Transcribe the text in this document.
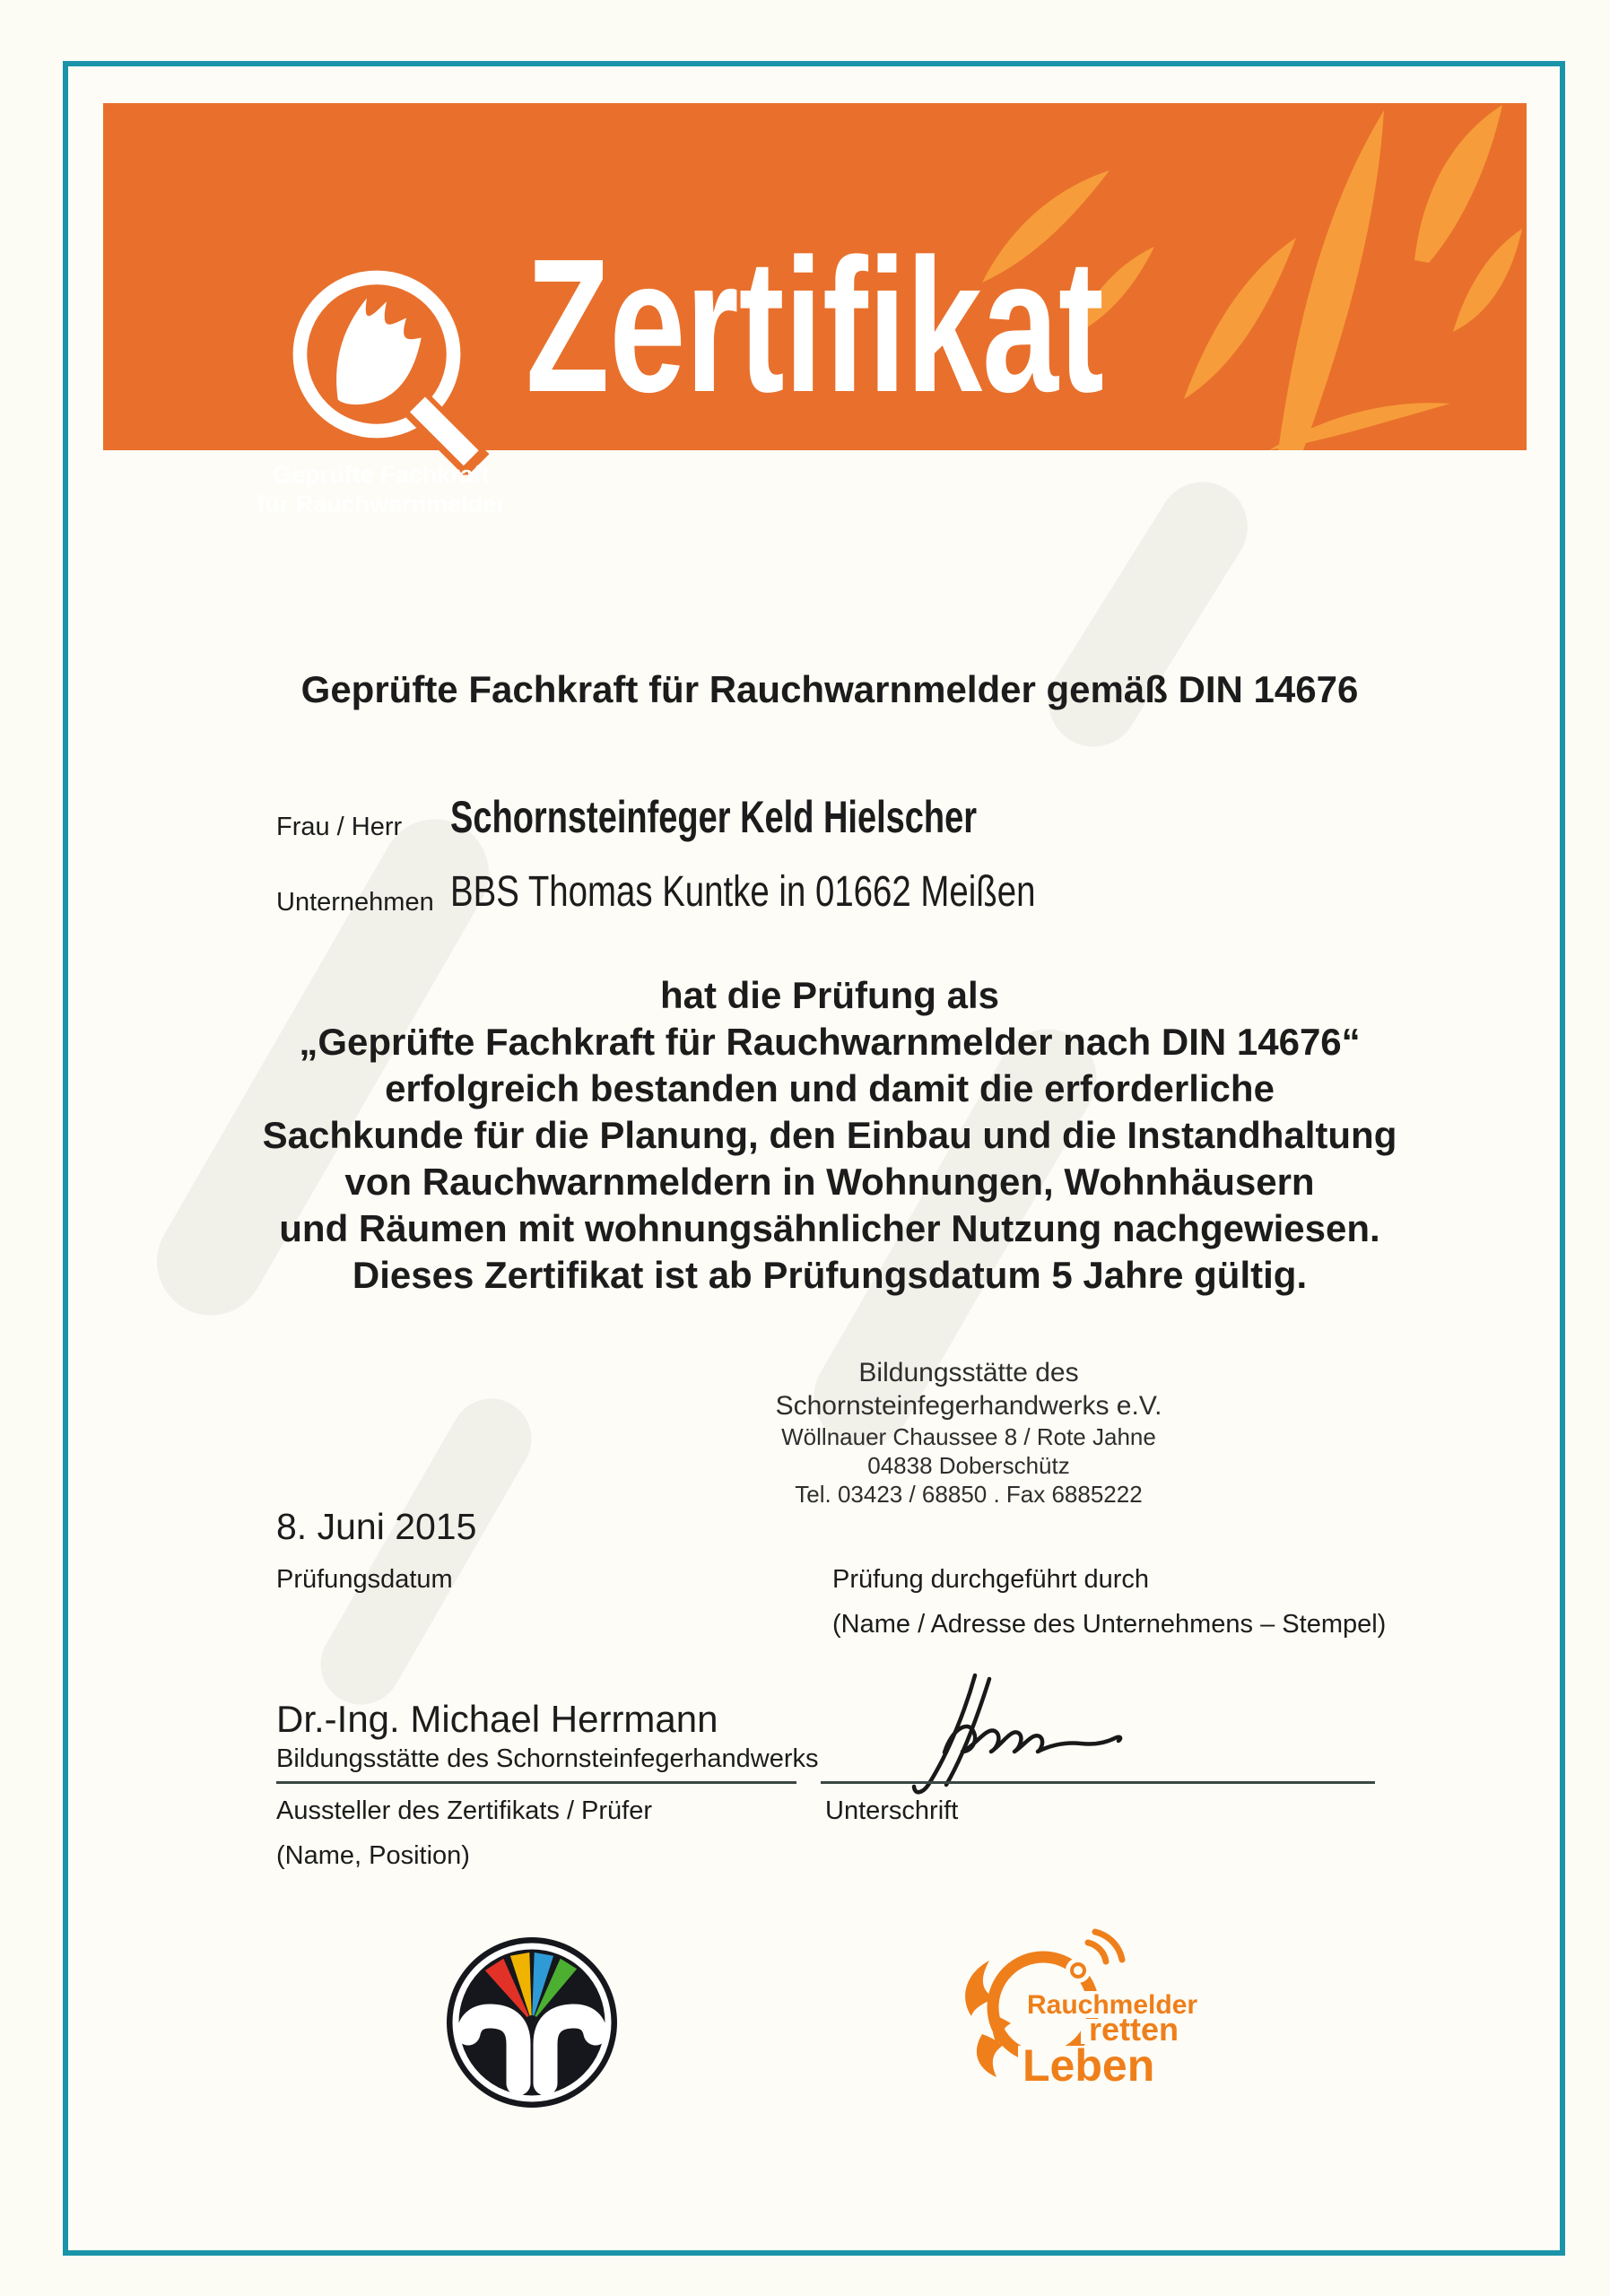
Geprüfte Fachkraft
für Rauchwarnmelder
Zertifikat
Geprüfte Fachkraft für Rauchwarnmelder gemäß DIN 14676
Frau / Herr Schornsteinfeger Keld Hielscher
Unternehmen BBS Thomas Kuntke in 01662 Meißen
hat die Prüfung als
„Geprüfte Fachkraft für Rauchwarnmelder nach DIN 14676“
erfolgreich bestanden und damit die erforderliche
Sachkunde für die Planung, den Einbau und die Instandhaltung
von Rauchwarnmeldern in Wohnungen, Wohnhäusern
und Räumen mit wohnungsähnlicher Nutzung nachgewiesen.
Dieses Zertifikat ist ab Prüfungsdatum 5 Jahre gültig.
Bildungsstätte des
Schornsteinfegerhandwerks e.V.
Wöllnauer Chaussee 8 / Rote Jahne
04838 Doberschütz
Tel. 03423 / 68850 . Fax 6885222
8. Juni 2015
Prüfungsdatum	Prüfung durchgeführt durch
(Name / Adresse des Unternehmens – Stempel)
Dr.-Ing. Michael Herrmann
Bildungsstätte des Schornsteinfegerhandwerks
Aussteller des Zertifikats / Prüfer
(Name, Position)
Unterschrift
Rauchmelder
retten
Leben
